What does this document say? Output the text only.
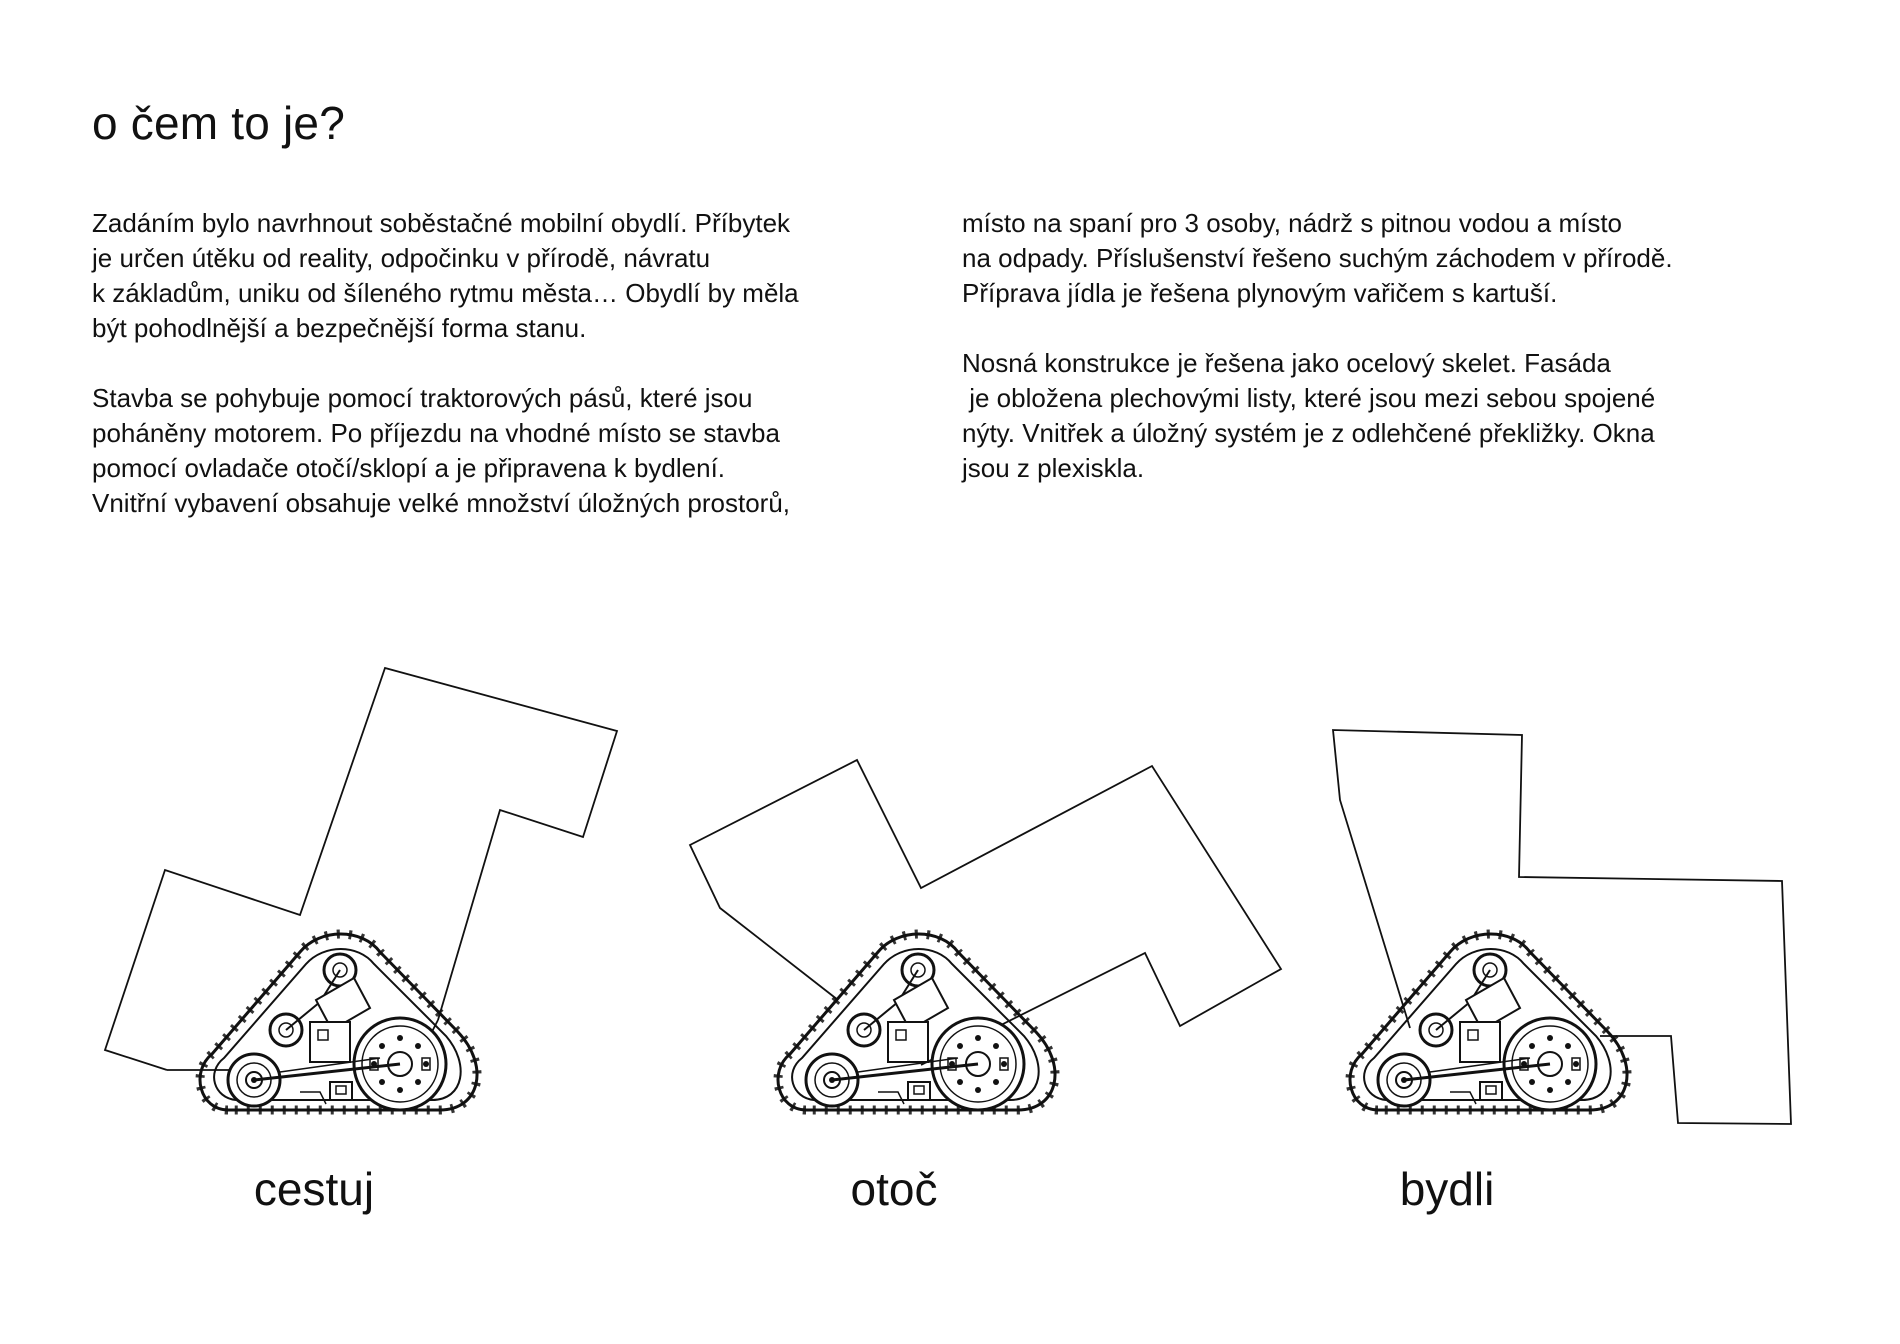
o čem to je?

Zadáním bylo navrhnout soběstačné mobilní obydlí. Příbytek
je určen útěku od reality, odpočinku v přírodě, návratu
k základům, uniku od šíleného rytmu města… Obydlí by měla
být pohodlnější a bezpečnější forma stanu.

Stavba se pohybuje pomocí traktorových pásů, které jsou
poháněny motorem. Po příjezdu na vhodné místo se stavba
pomocí ovladače otočí/sklopí a je připravena k bydlení.
Vnitřní vybavení obsahuje velké množství úložných prostorů,

místo na spaní pro 3 osoby, nádrž s pitnou vodou a místo
na odpady. Příslušenství řešeno suchým záchodem v přírodě.
Příprava jídla je řešena plynovým vařičem s kartuší.

Nosná konstrukce je řešena jako ocelový skelet. Fasáda
je obložena plechovými listy, které jsou mezi sebou spojené
nýty. Vnitřek a úložný systém je z odlehčené překližky. Okna
jsou z plexiskla.

cestuj	otoč	bydli
